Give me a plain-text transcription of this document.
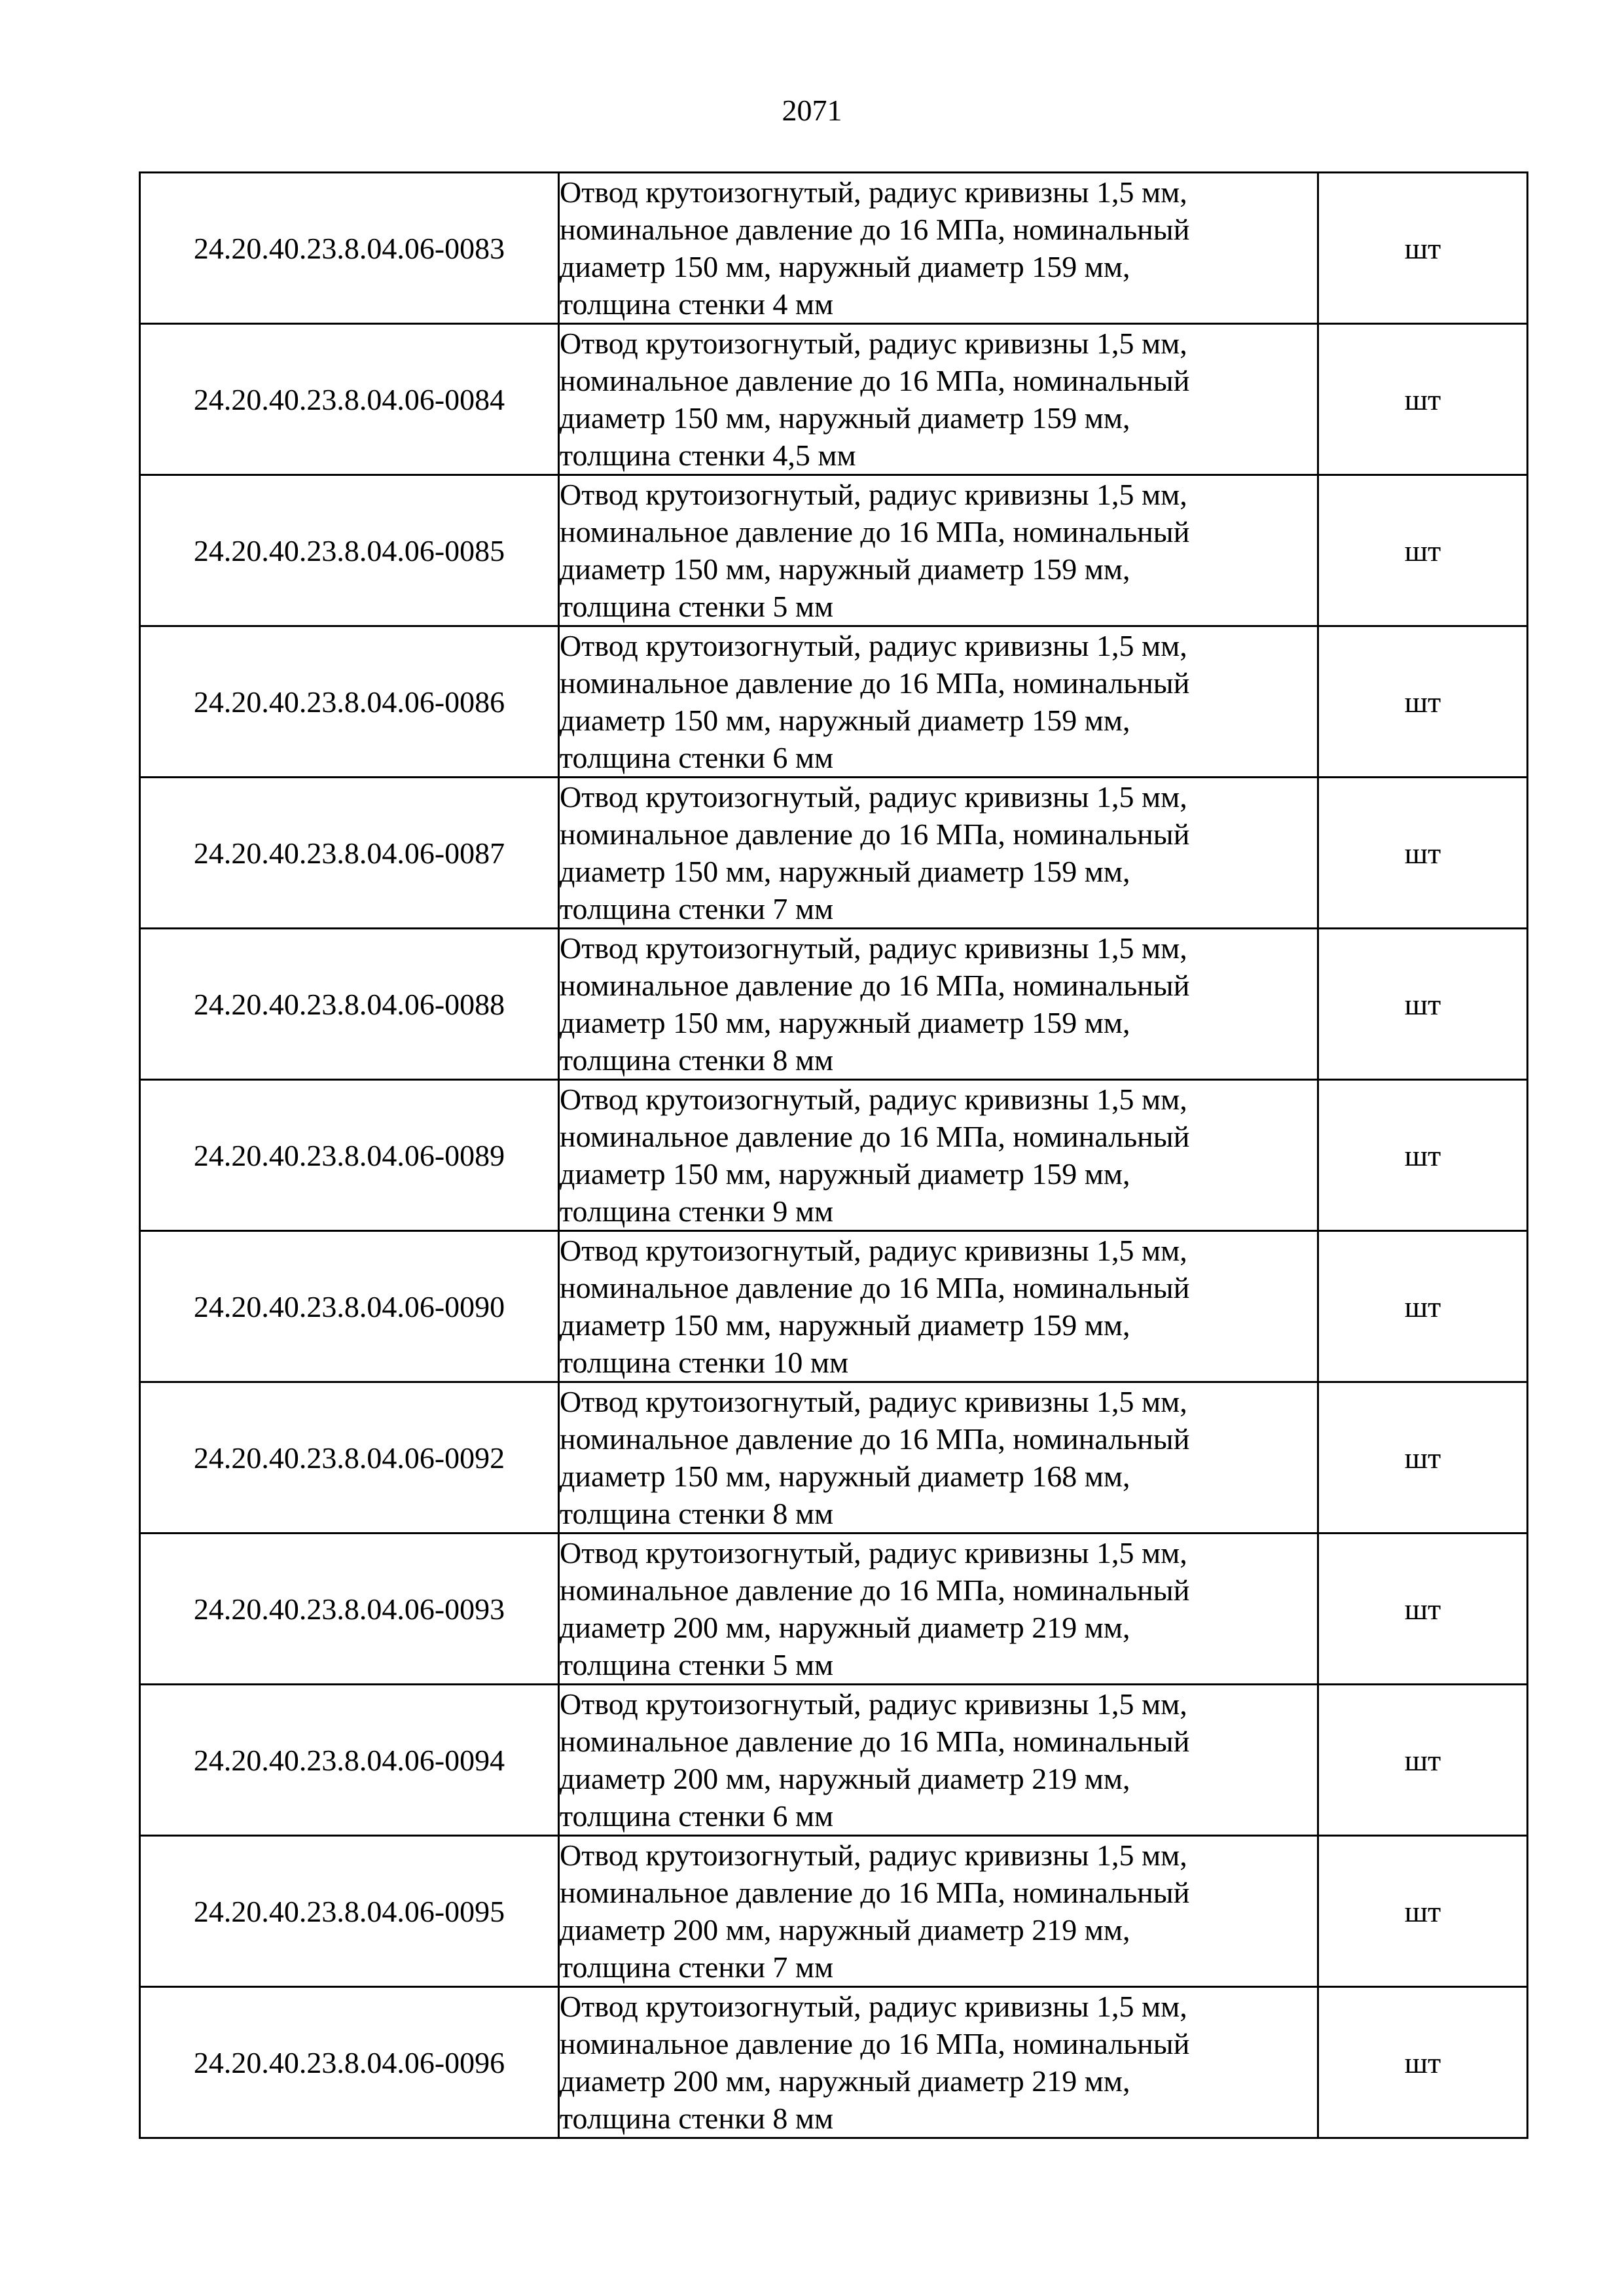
2071
24.20.40.23.8.04.06-0083	Отвод крутоизогнутый, радиус кривизны 1,5 мм,
номинальное давление до 16 МПа, номинальный
диаметр 150 мм, наружный диаметр 159 мм,
толщина стенки 4 мм	шт
24.20.40.23.8.04.06-0084	Отвод крутоизогнутый, радиус кривизны 1,5 мм,
номинальное давление до 16 МПа, номинальный
диаметр 150 мм, наружный диаметр 159 мм,
толщина стенки 4,5 мм	шт
24.20.40.23.8.04.06-0085	Отвод крутоизогнутый, радиус кривизны 1,5 мм,
номинальное давление до 16 МПа, номинальный
диаметр 150 мм, наружный диаметр 159 мм,
толщина стенки 5 мм	шт
24.20.40.23.8.04.06-0086	Отвод крутоизогнутый, радиус кривизны 1,5 мм,
номинальное давление до 16 МПа, номинальный
диаметр 150 мм, наружный диаметр 159 мм,
толщина стенки 6 мм	шт
24.20.40.23.8.04.06-0087	Отвод крутоизогнутый, радиус кривизны 1,5 мм,
номинальное давление до 16 МПа, номинальный
диаметр 150 мм, наружный диаметр 159 мм,
толщина стенки 7 мм	шт
24.20.40.23.8.04.06-0088	Отвод крутоизогнутый, радиус кривизны 1,5 мм,
номинальное давление до 16 МПа, номинальный
диаметр 150 мм, наружный диаметр 159 мм,
толщина стенки 8 мм	шт
24.20.40.23.8.04.06-0089	Отвод крутоизогнутый, радиус кривизны 1,5 мм,
номинальное давление до 16 МПа, номинальный
диаметр 150 мм, наружный диаметр 159 мм,
толщина стенки 9 мм	шт
24.20.40.23.8.04.06-0090	Отвод крутоизогнутый, радиус кривизны 1,5 мм,
номинальное давление до 16 МПа, номинальный
диаметр 150 мм, наружный диаметр 159 мм,
толщина стенки 10 мм	шт
24.20.40.23.8.04.06-0092	Отвод крутоизогнутый, радиус кривизны 1,5 мм,
номинальное давление до 16 МПа, номинальный
диаметр 150 мм, наружный диаметр 168 мм,
толщина стенки 8 мм	шт
24.20.40.23.8.04.06-0093	Отвод крутоизогнутый, радиус кривизны 1,5 мм,
номинальное давление до 16 МПа, номинальный
диаметр 200 мм, наружный диаметр 219 мм,
толщина стенки 5 мм	шт
24.20.40.23.8.04.06-0094	Отвод крутоизогнутый, радиус кривизны 1,5 мм,
номинальное давление до 16 МПа, номинальный
диаметр 200 мм, наружный диаметр 219 мм,
толщина стенки 6 мм	шт
24.20.40.23.8.04.06-0095	Отвод крутоизогнутый, радиус кривизны 1,5 мм,
номинальное давление до 16 МПа, номинальный
диаметр 200 мм, наружный диаметр 219 мм,
толщина стенки 7 мм	шт
24.20.40.23.8.04.06-0096	Отвод крутоизогнутый, радиус кривизны 1,5 мм,
номинальное давление до 16 МПа, номинальный
диаметр 200 мм, наружный диаметр 219 мм,
толщина стенки 8 мм	шт
